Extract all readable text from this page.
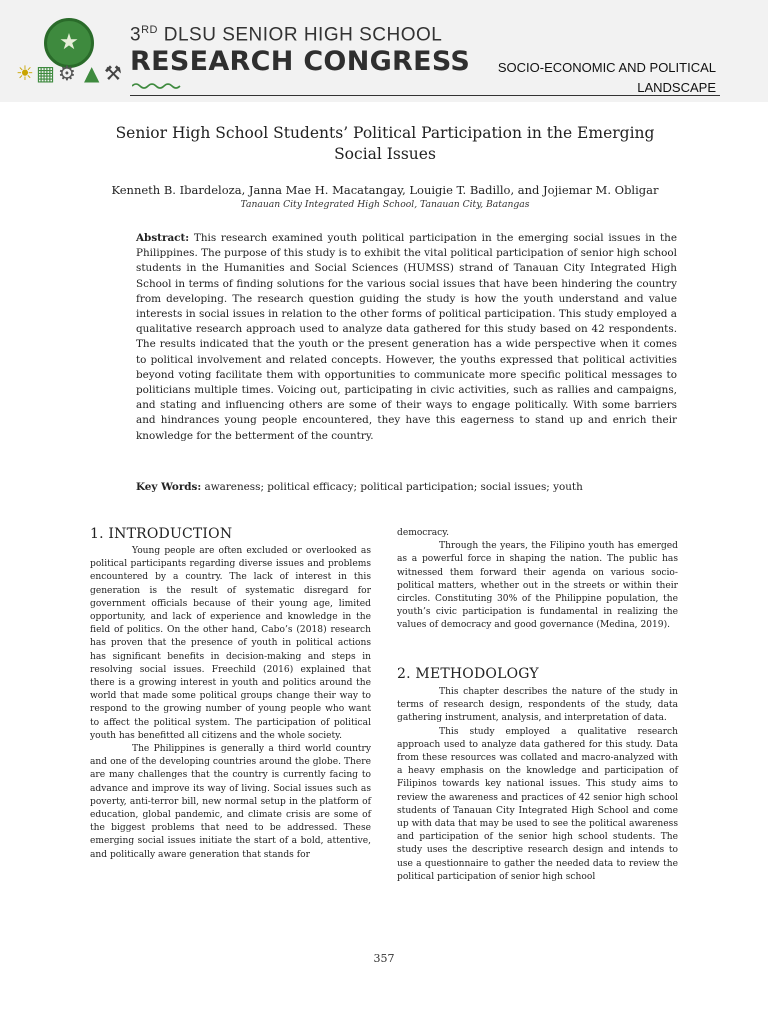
★
☀ ▦ ⚙ ▲ ⚒
3RD DLSU SENIOR HIGH SCHOOL
RESEARCH CONGRESS	SOCIO-ECONOMIC AND POLITICAL
LANDSCAPE
Senior High School Students’ Political Participation in the Emerging
Social Issues
Kenneth B. Ibardeloza, Janna Mae H. Macatangay, Louigie T. Badillo, and Jojiemar M. Obligar
Tanauan City Integrated High School, Tanauan City, Batangas
Abstract: This research examined youth political participation in the emerging social issues in the Philippines. The purpose of this study is to exhibit the vital political participation of senior high school students in the Humanities and Social Sciences (HUMSS) strand of Tanauan City Integrated High School in terms of finding solutions for the various social issues that have been hindering the country from developing. The research question guiding the study is how the youth understand and value interests in social issues in relation to the other forms of political participation. This study employed a qualitative research approach used to analyze data gathered for this study based on 42 respondents. The results indicated that the youth or the present generation has a wide perspective when it comes to political involvement and related concepts. However, the youths expressed that political activities beyond voting facilitate them with opportunities to communicate more specific political messages to politicians multiple times. Voicing out, participating in civic activities, such as rallies and campaigns, and stating and influencing others are some of their ways to engage politically. With some barriers and hindrances young people encountered, they have this eagerness to stand up and enrich their knowledge for the betterment of the country.
Key Words: awareness; political efficacy; political participation; social issues; youth
1. INTRODUCTION

Young people are often excluded or overlooked as political participants regarding diverse issues and problems encountered by a country. The lack of interest in this generation is the result of systematic disregard for government officials because of their young age, limited opportunity, and lack of experience and knowledge in the field of politics. On the other hand, Cabo’s (2018) research has proven that the presence of youth in political actions has significant benefits in decision-making and steps in resolving social issues. Freechild (2016) explained that there is a growing interest in youth and politics around the world that made some political groups change their way to respond to the growing number of young people who want to affect the political system. The participation of political youth has benefitted all citizens and the whole society.

The Philippines is generally a third world country and one of the developing countries around the globe. There are many challenges that the country is currently facing to advance and improve its way of living. Social issues such as poverty, anti-terror bill, new normal setup in the platform of education, global pandemic, and climate crisis are some of the biggest problems that need to be addressed. These emerging social issues initiate the start of a bold, attentive, and politically aware generation that stands for

democracy.

Through the years, the Filipino youth has emerged as a powerful force in shaping the nation. The public has witnessed them forward their agenda on various socio-political matters, whether out in the streets or within their circles. Constituting 30% of the Philippine population, the youth’s civic participation is fundamental in realizing the values of democracy and good governance (Medina, 2019).

2. METHODOLOGY

This chapter describes the nature of the study in terms of research design, respondents of the study, data gathering instrument, analysis, and interpretation of data.

This study employed a qualitative research approach used to analyze data gathered for this study. Data from these resources was collated and macro-analyzed with a heavy emphasis on the knowledge and participation of Filipinos towards key national issues. This study aims to review the awareness and practices of 42 senior high school students of Tanauan City Integrated High School and come up with data that may be used to see the political awareness and participation of the senior high school students. The study uses the descriptive research design and intends to use a questionnaire to gather the needed data to review the political participation of senior high school

357
